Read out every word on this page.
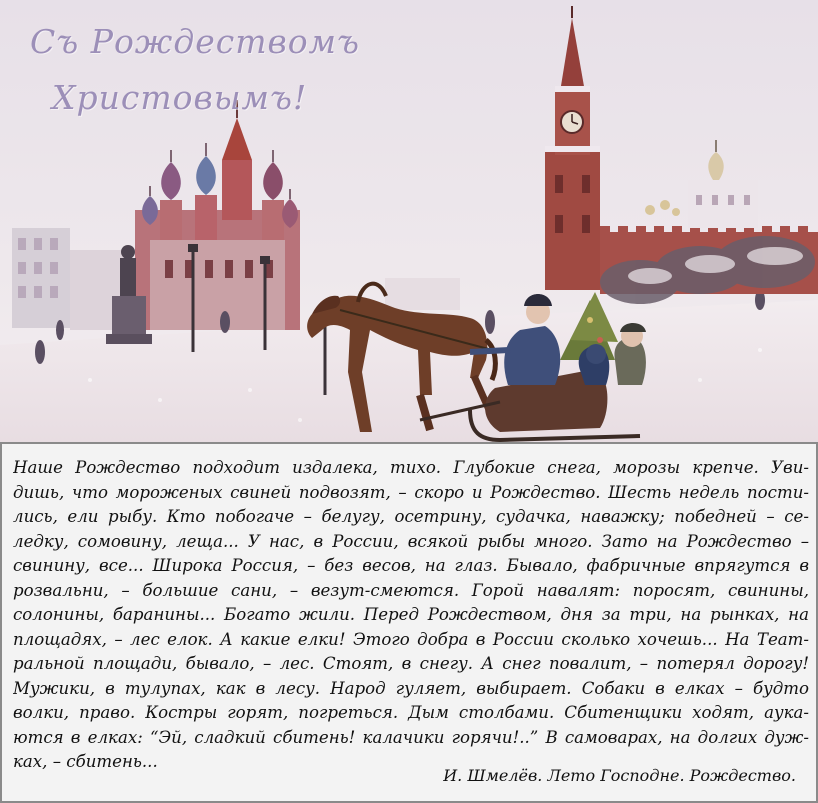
Съ Рождествомъ
Христовымъ!
Наше Рождество подходит издалека, тихо. Глубокие снега, морозы крепче. Уви-
дишь, что мороженых свиней подвозят, – скоро и Рождество. Шесть недель пости-
лись, ели рыбу. Кто побогаче – белугу, осетрину, судачка, наважку; победней – се-
ледку, сомовину, леща... У нас, в России, всякой рыбы много. Зато на Рождество –
свинину, все... Широка Россия, – без весов, на глаз. Бывало, фабричные впрягутся в
розвальни, – большие сани, – везут-смеются. Горой навалят: поросят, свинины,
солонины, баранины... Богато жили. Перед Рождеством, дня за три, на рынках, на
площадях, – лес елок. А какие елки! Этого добра в России сколько хочешь... На Теат-
ральной площади, бывало, – лес. Стоят, в снегу. А снег повалит, – потерял дорогу!
Мужики, в тулупах, как в лесу. Народ гуляет, выбирает. Собаки в елках – будто
волки, право. Костры горят, погреться. Дым столбами. Сбитенщики ходят, аука-
ются в елках: “Эй, сладкий сбитень! калачики горячи!..” В самоварах, на долгих дуж-
ках, – сбитень...
И. Шмелёв. Лето Господне. Рождество.
